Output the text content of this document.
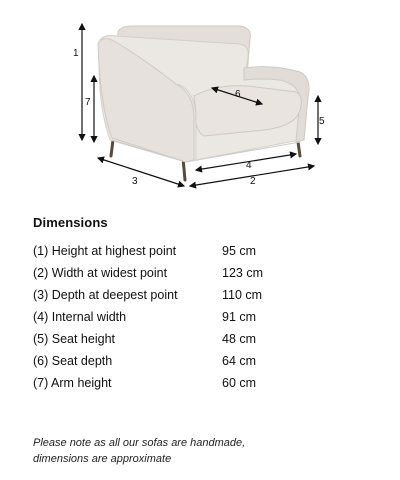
1
2
3
4
5
6
7
Dimensions
(1) Height at highest point	95 cm
(2) Width at widest point	123 cm
(3) Depth at deepest point	110 cm
(4) Internal width	91 cm
(5) Seat height	48 cm
(6) Seat depth	64 cm
(7) Arm height	60 cm
Please note as all our sofas are handmade,
dimensions are approximate
